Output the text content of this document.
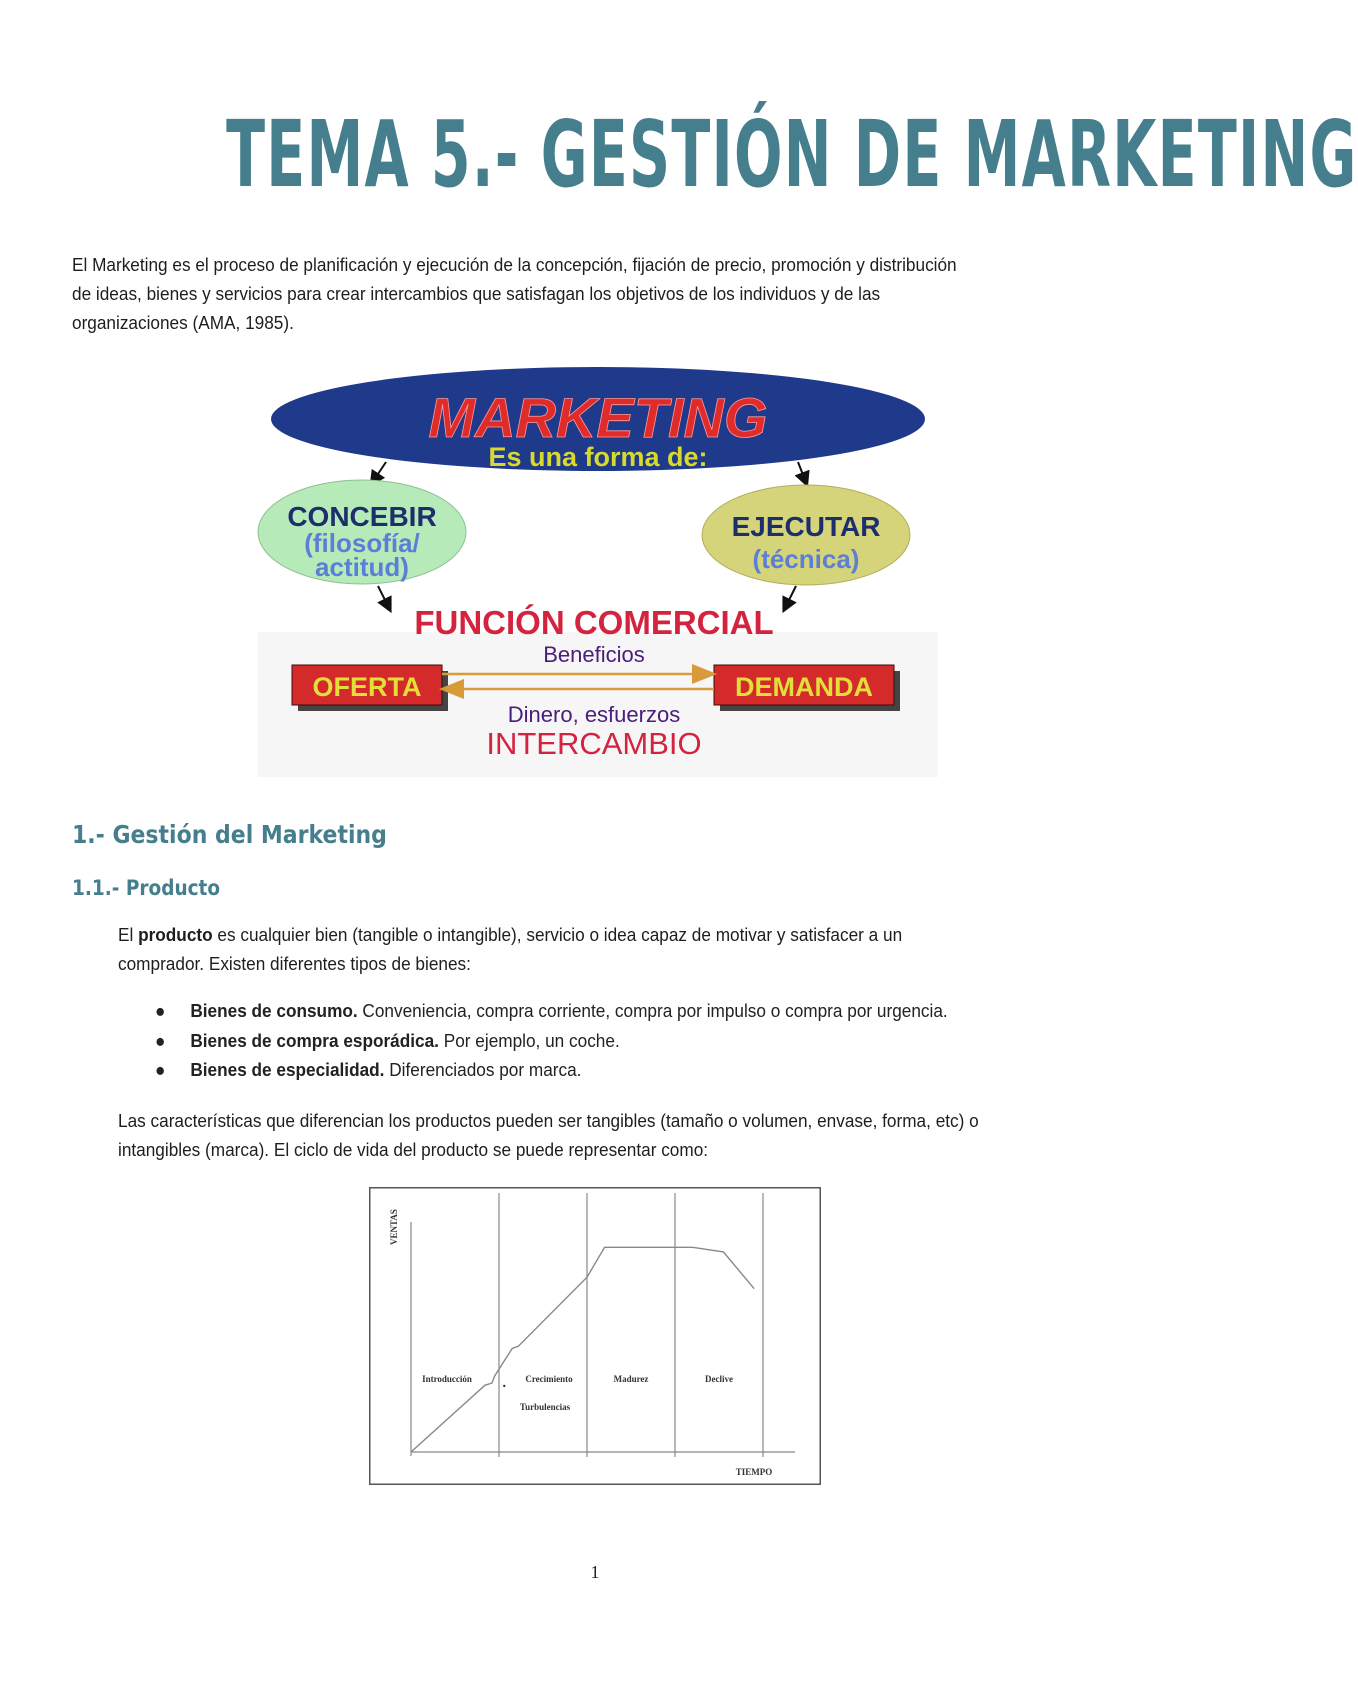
TEMA 5.- GESTIÓN DE MARKETING
El Marketing es el proceso de planificación y ejecución de la concepción, fijación de precio, promoción y distribución
de ideas, bienes y servicios para crear intercambios que satisfagan los objetivos de los individuos y de las
organizaciones (AMA, 1985).
MARKETING
Es una forma de:
CONCEBIR
(filosofía/
actitud)
EJECUTAR
(técnica)
FUNCIÓN COMERCIAL
Beneficios
OFERTA	DEMANDA
Dinero, esfuerzos
INTERCAMBIO
1.- Gestión del Marketing
1.1.- Producto
El producto es cualquier bien (tangible o intangible), servicio o idea capaz de motivar y satisfacer a un
comprador. Existen diferentes tipos de bienes:
● Bienes de consumo. Conveniencia, compra corriente, compra por impulso o compra por urgencia.
● Bienes de compra esporádica. Por ejemplo, un coche.
● Bienes de especialidad. Diferenciados por marca.
Las características que diferencian los productos pueden ser tangibles (tamaño o volumen, envase, forma, etc) o
intangibles (marca). El ciclo de vida del producto se puede representar como:
VENTAS
TIEMPO
Introducción	Crecimiento	Madurez	Declive
Turbulencias
1
